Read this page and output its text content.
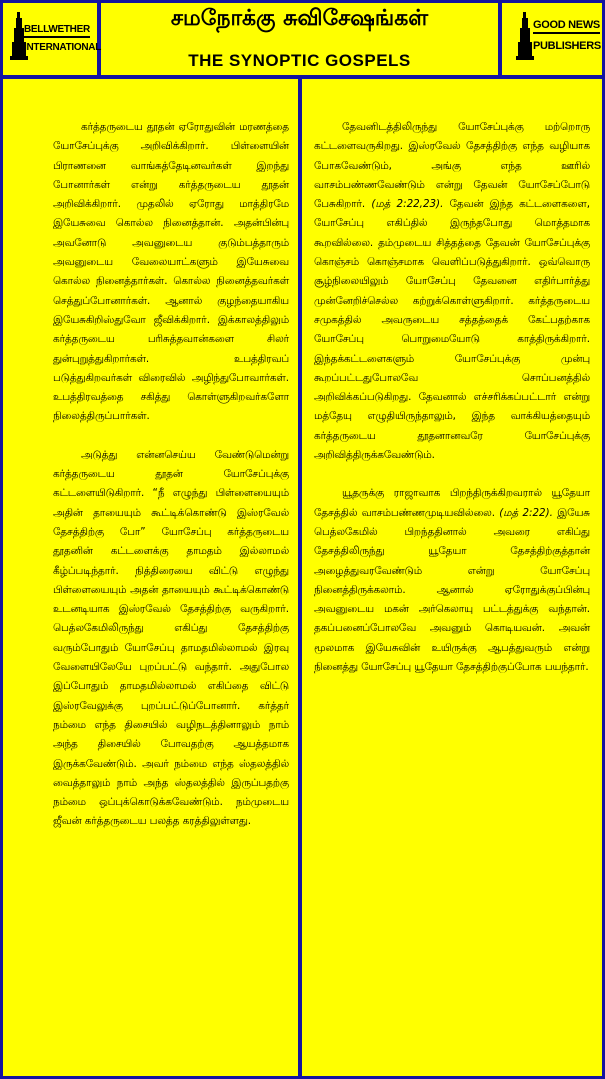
BELLWETHER
INTERNATIONAL
சமநோக்கு சுவிசேஷங்கள்
THE SYNOPTIC GOSPELS
GOOD NEWS
PUBLISHERS

கர்த்தருடைய தூதன் ஏரோதுவின் மரணத்தை யோசேப்புக்கு அறிவிக்கிறார். பிள்ளையின் பிராணனை வாங்கத்தேடினவர்கள் இறந்து போனார்கள் என்று கர்த்தருடைய தூதன் அறிவிக்கிறார். முதலில் ஏரோது மாத்திரமே இயேசுவை கொல்ல நினைத்தான். அதன்பின்பு அவனோடு அவனுடைய குடும்பத்தாரும் அவனுடைய வேலையாட்களும் இயேசுவை கொல்ல நினைத்தார்கள். கொல்ல நினைத்தவர்கள் செத்துப்போனார்கள். ஆனால் குழந்தையாகிய இயேசுகிறிஸ்துவோ ஜீவிக்கிறார். இக்காலத்திலும் கர்த்தருடைய பரிசுத்தவான்களை சிலர் துன்புறுத்துகிறார்கள். உபத்திரவப் படுத்துகிறவர்கள் விரைவில் அழிந்துபோவார்கள். உபத்திரவத்தை சகித்து கொள்ளுகிறவர்களோ நிலைத்திருப்பார்கள்.

அடுத்து என்னசெய்ய வேண்டுமென்று கர்த்தருடைய தூதன் யோசேப்புக்கு கட்டளையிடுகிறார். “நீ எழுந்து பிள்ளையையும் அதின் தாயையும் கூட்டிக்கொண்டு இஸ்ரவேல் தேசத்திற்கு போ” யோசேப்பு கர்த்தருடைய தூதனின் கட்டளைக்கு தாமதம் இல்லாமல் கீழ்ப்படிந்தார். நித்திரையை விட்டு எழுந்து பிள்ளையையும் அதன் தாயையும் கூட்டிக்கொண்டு உடனடியாக இஸ்ரவேல் தேசத்திற்கு வருகிறார். பெத்லகேமிலிருந்து எகிப்து தேசத்திற்கு வரும்போதும் யோசேப்பு தாமதமில்லாமல் இரவு வேளையிலேயே புறப்பட்டு வந்தார். அதுபோல இப்போதும் தாமதமில்லாமல் எகிப்தை விட்டு இஸ்ரவேலுக்கு புறப்பட்டுப்போனார். கர்த்தர் நம்மை எந்த திசையில் வழிநடத்தினாலும் நாம் அந்த திசையில் போவதற்கு ஆயத்தமாக இருக்கவேண்டும். அவர் நம்மை எந்த ஸ்தலத்தில் வைத்தாலும் நாம் அந்த ஸ்தலத்தில் இருப்பதற்கு நம்மை ஒப்புக்கொடுக்கவேண்டும். நம்முடைய ஜீவன் கர்த்தருடைய பலத்த கரத்திலுள்ளது.

தேவனிடத்திலிருந்து யோசேப்புக்கு மற்றொரு கட்டளைவருகிறது. இஸ்ரவேல் தேசத்திற்கு எந்த வழியாக போகவேண்டும், அங்கு எந்த ஊரில் வாசம்பண்ணவேண்டும் என்று தேவன் யோசேப்போடு பேசுகிறார். (மத் 2:22,23). தேவன் இந்த கட்டளைகளை, யோசேப்பு எகிப்தில் இருந்தபோது மொத்தமாக கூறவில்லை. தம்முடைய சித்தத்தை தேவன் யோசேப்புக்கு கொஞ்சம் கொஞ்சமாக வெளிப்படுத்துகிறார். ஒவ்வொரு சூழ்நிலையிலும் யோசேப்பு தேவனை எதிர்பார்த்து முன்னேறிச்செல்ல கற்றுக்கொள்ளுகிறார். கர்த்தருடைய சமுகத்தில் அவருடைய சத்தத்தைக் கேட்பதற்காக யோசேப்பு பொறுமையோடு காத்திருக்கிறார். இந்தக்கட்டளைகளும் யோசேப்புக்கு முன்பு கூறப்பட்டதுபோலவே சொப்பனத்தில் அறிவிக்கப்படுகிறது. தேவனால் எச்சரிக்கப்பட்டார் என்று மத்தேயு எழுதியிருந்தாலும், இந்த வாக்கியத்தையும் கர்த்தருடைய தூதனானவரே யோசேப்புக்கு அறிவித்திருக்கவேண்டும்.

யூதருக்கு ராஜாவாக பிறந்திருக்கிறவரால் யூதேயா தேசத்தில் வாசம்பண்ணமுடியவில்லை. (மத் 2:22). இயேசு பெத்லகேமில் பிறந்ததினால் அவரை எகிப்து தேசத்திலிருந்து யூதேயா தேசத்திற்குத்தான் அழைத்துவரவேண்டும் என்று யோசேப்பு நினைத்திருக்கலாம். ஆனால் ஏரோதுக்குப்பின்பு அவனுடைய மகன் அர்கெலாயு பட்டத்துக்கு வந்தான். தகப்பனைப்போலவே அவனும் கொடியவன். அவன் மூலமாக இயேசுவின் உயிருக்கு ஆபத்துவரும் என்று நினைத்து யோசேப்பு யூதேயா தேசத்திற்குப்போக பயந்தார்.
